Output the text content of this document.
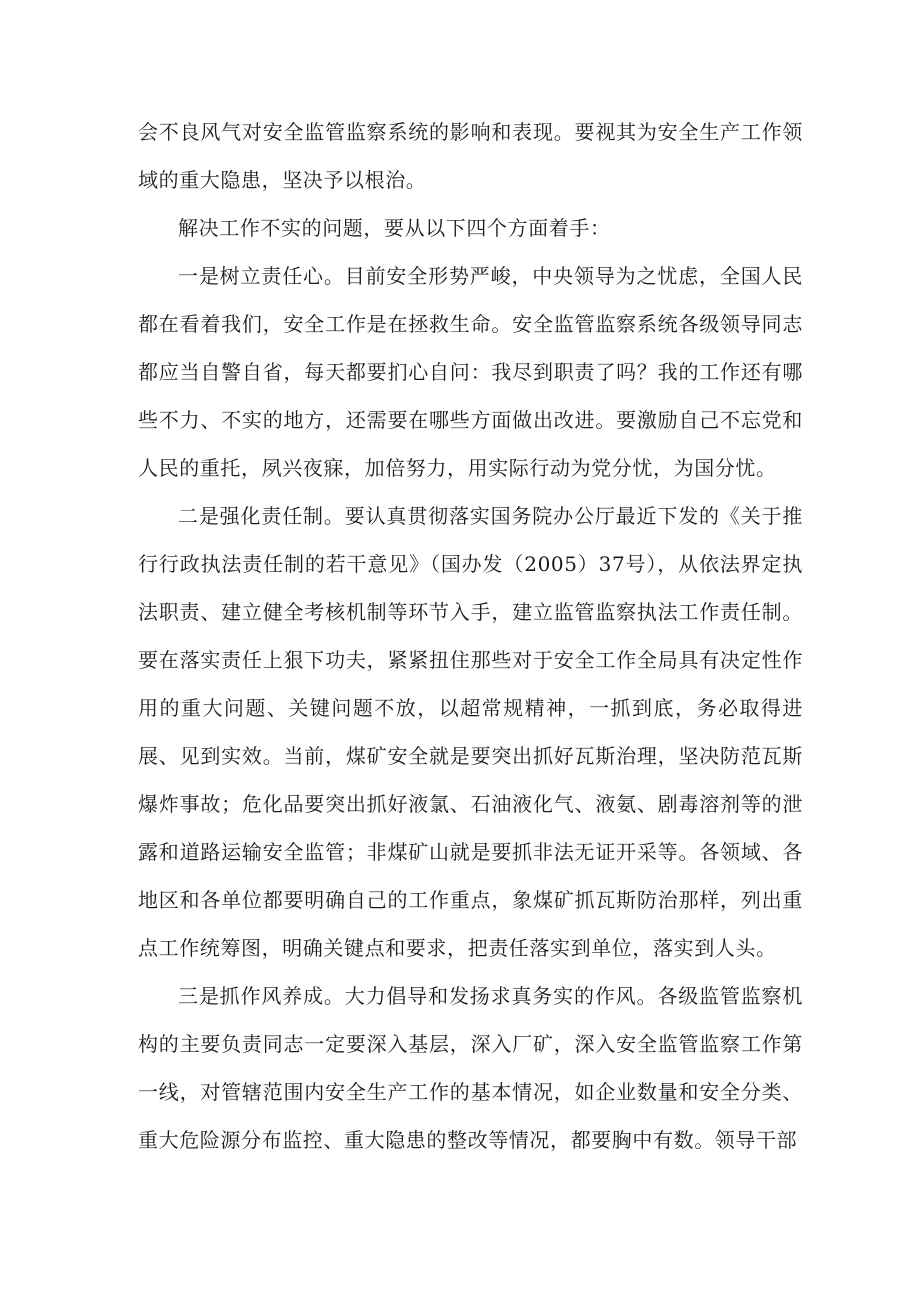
会不良风气对安全监管监察系统的影响和表现。要视其为安全生产工作领域的重大隐患，坚决予以根治。

解决工作不实的问题，要从以下四个方面着手：

一是树立责任心。目前安全形势严峻，中央领导为之忧虑，全国人民都在看着我们，安全工作是在拯救生命。安全监管监察系统各级领导同志都应当自警自省，每天都要扪心自问：我尽到职责了吗？我的工作还有哪些不力、不实的地方，还需要在哪些方面做出改进。要激励自己不忘党和人民的重托，夙兴夜寐，加倍努力，用实际行动为党分忧，为国分忧。

二是强化责任制。要认真贯彻落实国务院办公厅最近下发的《关于推行行政执法责任制的若干意见》（国办发（2005）37号），从依法界定执法职责、建立健全考核机制等环节入手，建立监管监察执法工作责任制。要在落实责任上狠下功夫，紧紧扭住那些对于安全工作全局具有决定性作用的重大问题、关键问题不放，以超常规精神，一抓到底，务必取得进展、见到实效。当前，煤矿安全就是要突出抓好瓦斯治理，坚决防范瓦斯爆炸事故；危化品要突出抓好液氯、石油液化气、液氨、剧毒溶剂等的泄露和道路运输安全监管；非煤矿山就是要抓非法无证开采等。各领域、各地区和各单位都要明确自己的工作重点，象煤矿抓瓦斯防治那样，列出重点工作统筹图，明确关键点和要求，把责任落实到单位，落实到人头。

三是抓作风养成。大力倡导和发扬求真务实的作风。各级监管监察机构的主要负责同志一定要深入基层，深入厂矿，深入安全监管监察工作第一线，对管辖范围内安全生产工作的基本情况，如企业数量和安全分类、重大危险源分布监控、重大隐患的整改等情况，都要胸中有数。领导干部
